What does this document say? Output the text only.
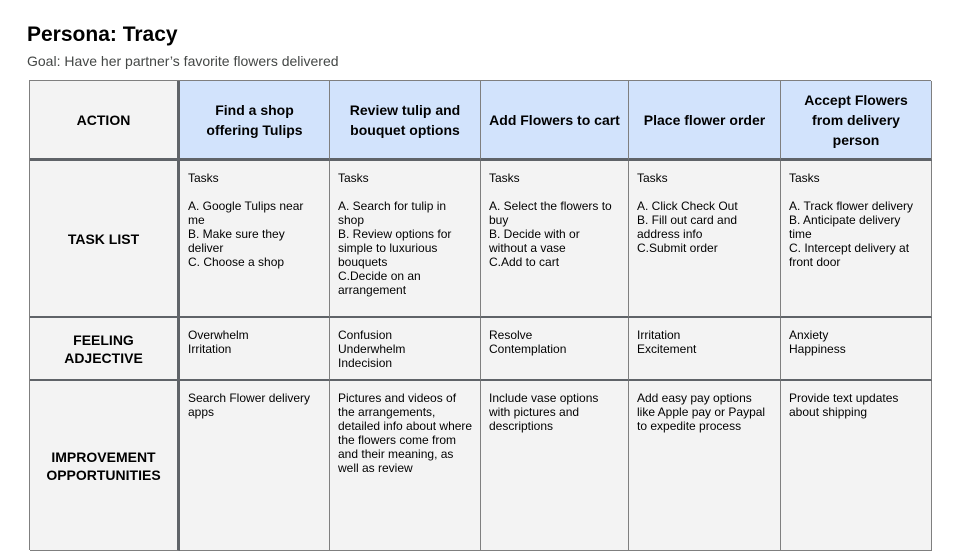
Persona: Tracy
Goal: Have her partner’s favorite flowers delivered
ACTION
Find a shop offering Tulips
Review tulip and bouquet options
Add Flowers to cart	Place flower order
Accept Flowers from delivery person
TASK LIST
Tasks

A. Google Tulips near me
B. Make sure they deliver
C. Choose a shop
Tasks

A. Search for tulip in shop
B. Review options for simple to luxurious bouquets
C.Decide on an arrangement
Tasks

A. Select the flowers to buy
B. Decide with or without a vase
C.Add to cart
Tasks

A. Click Check Out
B. Fill out card and address info
C.Submit order
Tasks

A. Track flower delivery
B. Anticipate delivery time
C. Intercept delivery at front door
FEELING ADJECTIVE
Overwhelm
Irritation
Confusion
Underwhelm
Indecision
Resolve
Contemplation
Irritation
Excitement
Anxiety
Happiness
IMPROVEMENT OPPORTUNITIES
Search Flower delivery apps
Pictures and videos of the arrangements, detailed info about where the flowers come from and their meaning, as well as review
Include vase options with pictures and descriptions
Add easy pay options like Apple pay or Paypal to expedite process
Provide text updates about shipping
